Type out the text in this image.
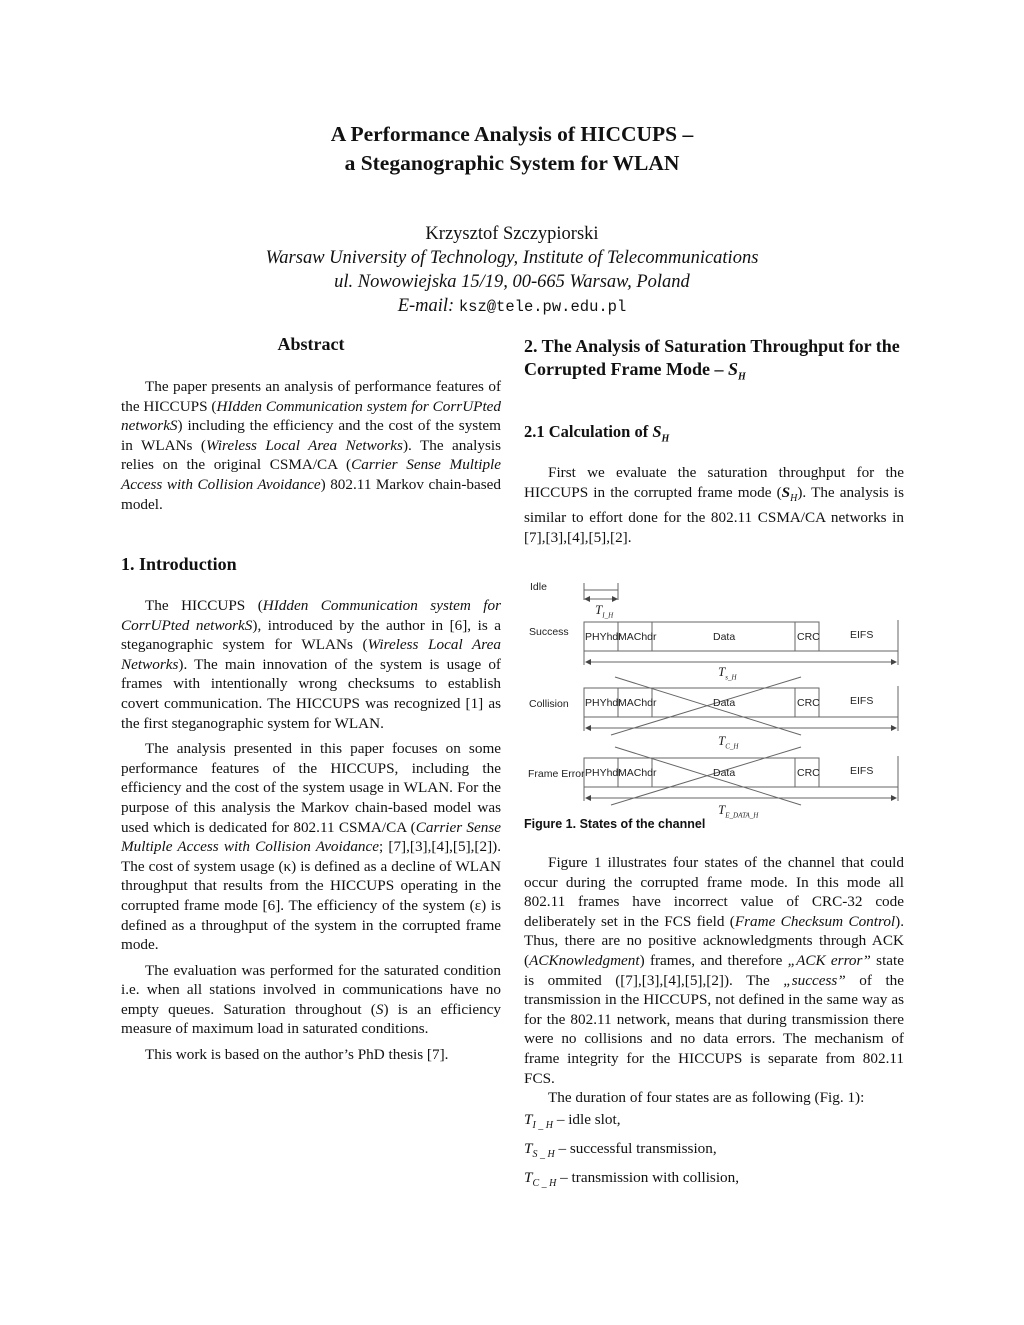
A Performance Analysis of HICCUPS –
a Steganographic System for WLAN
Krzysztof Szczypiorski
Warsaw University of Technology, Institute of Telecommunications
ul. Nowowiejska 15/19, 00-665 Warsaw, Poland
E-mail: ksz@tele.pw.edu.pl
Abstract

The paper presents an analysis of performance features of the HICCUPS (HIdden Communication system for CorrUPted networkS) including the efficiency and the cost of the system in WLANs (Wireless Local Area Networks). The analysis relies on the original CSMA/CA (Carrier Sense Multiple Access with Collision Avoidance) 802.11 Markov chain-based model.

1. Introduction

The HICCUPS (HIdden Communication system for CorrUPted networkS), introduced by the author in [6], is a steganographic system for WLANs (Wireless Local Area Networks). The main innovation of the system is usage of frames with intentionally wrong checksums to establish covert communication. The HICCUPS was recognized [1] as the first steganographic system for WLAN.

The analysis presented in this paper focuses on some performance features of the HICCUPS, including the efficiency and the cost of the system usage in WLAN. For the purpose of this analysis the Markov chain-based model was used which is dedicated for 802.11 CSMA/CA (Carrier Sense Multiple Access with Collision Avoidance; [7],[3],[4],[5],[2]). The cost of system usage (κ) is defined as a decline of WLAN throughput that results from the HICCUPS operating in the corrupted frame mode [6]. The efficiency of the system (ε) is defined as a throughput of the system in the corrupted frame mode.

The evaluation was performed for the saturated condition i.e. when all stations involved in communications have no empty queues. Saturation throughout (S) is an efficiency measure of maximum load in saturated conditions.

This work is based on the author’s PhD thesis [7].

2. The Analysis of Saturation Throughput for the Corrupted Frame Mode – $S_H$
2.1 Calculation of $S_H$

First we evaluate the saturation throughput for the HICCUPS in the corrupted frame mode $(S_H)$. The analysis is similar to effort done for the 802.11 CSMA/CA networks in [7],[3],[4],[5],[2].

Idle
Success
Collision
Frame Error
PHYhdr
MAChdr	Data	CRC	EIFS
PHYhdr
MAChdr	Data	CRC	EIFS
PHYhdr
MAChdr	Data	CRC	EIFS
$T_{I\_H}$
$T_{s\_H}$
$T_{C\_H}$
$T_{E\_DATA\_H}$
Figure 1. States of the channel

Figure 1 illustrates four states of the channel that could occur during the corrupted frame mode. In this mode all 802.11 frames have incorrect value of CRC-32 code deliberately set in the FCS field (Frame Checksum Control). Thus, there are no positive acknowledgments through ACK (ACKnowledgment) frames, and therefore „ACK error” state is ommited ([7],[3],[4],[5],[2]). The „success” of the transmission in the HICCUPS, not defined in the same way as for the 802.11 network, means that during transmission there were no collisions and no data errors. The mechanism of frame integrity for the HICCUPS is separate from 802.11 FCS.

The duration of four states are as following (Fig. 1):

$T_{I \_ H}$ – idle slot,
$T_{S \_ H}$ – successful transmission,
$T_{C \_ H}$ – transmission with collision,
